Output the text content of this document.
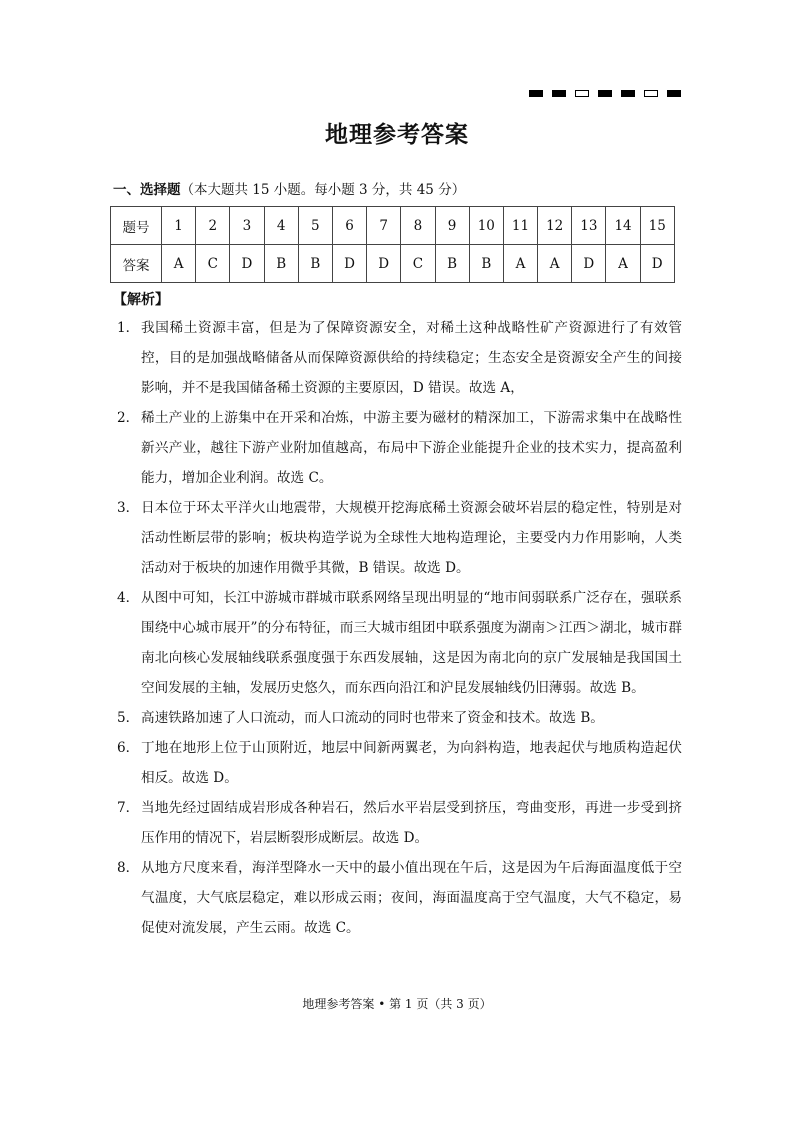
地理参考答案
一、选择题（本大题共 15 小题。每小题 3 分，共 45 分）
题号	1	2	3	4	5	6	7	8	9	10	11	12	13	14	15
答案	A	C	D	B	B	D	D	C	B	B	A	A	D	A	D
【解析】
1． 我国稀土资源丰富，但是为了保障资源安全，对稀土这种战略性矿产资源进行了有效管控，目的是加强战略储备从而保障资源供给的持续稳定；生态安全是资源安全产生的间接影响，并不是我国储备稀土资源的主要原因，D 错误。故选 A，
2． 稀土产业的上游集中在开采和冶炼，中游主要为磁材的精深加工，下游需求集中在战略性新兴产业，越往下游产业附加值越高，布局中下游企业能提升企业的技术实力，提高盈利能力，增加企业利润。故选 C。
3． 日本位于环太平洋火山地震带，大规模开挖海底稀土资源会破坏岩层的稳定性，特别是对活动性断层带的影响；板块构造学说为全球性大地构造理论，主要受内力作用影响，人类活动对于板块的加速作用微乎其微，B 错误。故选 D。
4． 从图中可知，长江中游城市群城市联系网络呈现出明显的“地市间弱联系广泛存在，强联系围绕中心城市展开”的分布特征，而三大城市组团中联系强度为湖南＞江西＞湖北，城市群南北向核心发展轴线联系强度强于东西发展轴，这是因为南北向的京广发展轴是我国国土空间发展的主轴，发展历史悠久，而东西向沿江和沪昆发展轴线仍旧薄弱。故选 B。
5． 高速铁路加速了人口流动，而人口流动的同时也带来了资金和技术。故选 B。
6． 丁地在地形上位于山顶附近，地层中间新两翼老，为向斜构造，地表起伏与地质构造起伏相反。故选 D。
7． 当地先经过固结成岩形成各种岩石，然后水平岩层受到挤压，弯曲变形，再进一步受到挤压作用的情况下，岩层断裂形成断层。故选 D。
8． 从地方尺度来看，海洋型降水一天中的最小值出现在午后，这是因为午后海面温度低于空气温度，大气底层稳定，难以形成云雨；夜间，海面温度高于空气温度，大气不稳定，易促使对流发展，产生云雨。故选 C。
地理参考答案 • 第 1 页（共 3 页）
